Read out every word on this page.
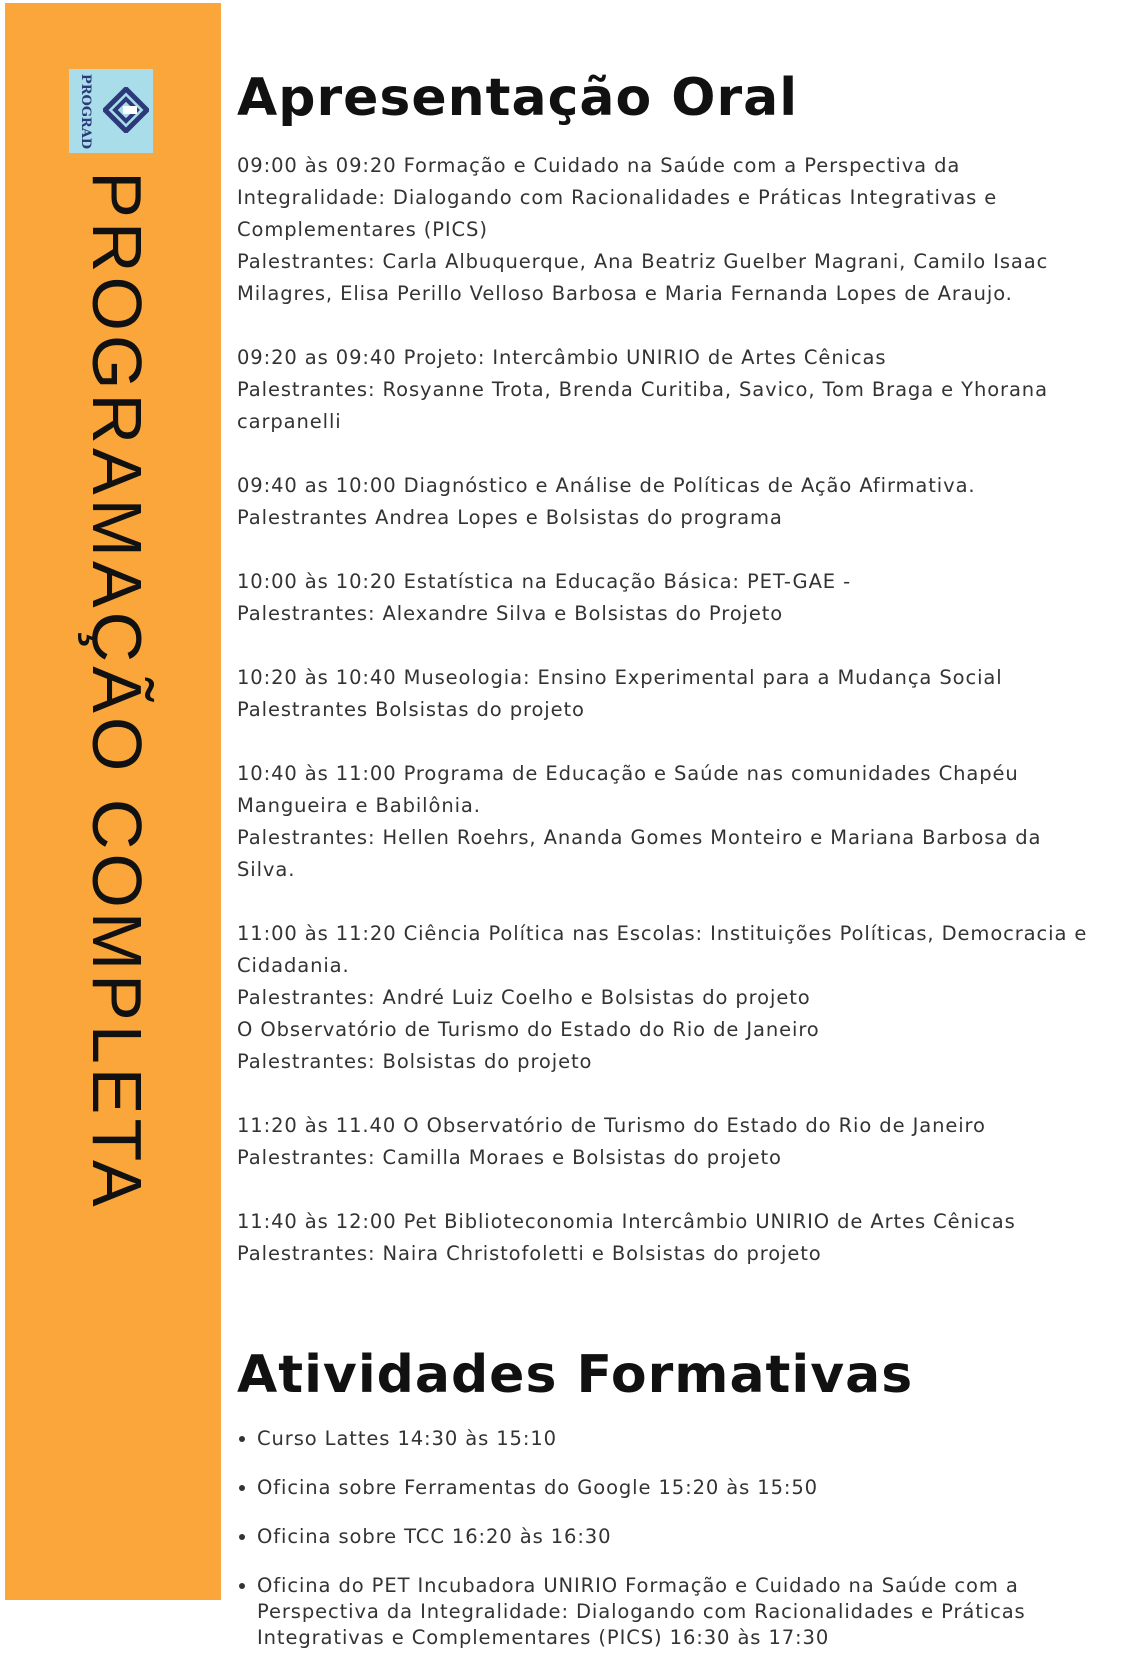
PROGRAD
PROGRAMAÇÃO COMPLETA
Apresentação Oral

09:00 às 09:20 Formação e Cuidado na Saúde com a Perspectiva da Integralidade: Dialogando com Racionalidades e Práticas Integrativas e Complementares (PICS)

Palestrantes: Carla Albuquerque, Ana Beatriz Guelber Magrani, Camilo Isaac Milagres, Elisa Perillo Velloso Barbosa e Maria Fernanda Lopes de Araujo.

09:20 as 09:40 Projeto: Intercâmbio UNIRIO de Artes Cênicas

Palestrantes: Rosyanne Trota, Brenda Curitiba, Savico, Tom Braga e Yhorana carpanelli

09:40 as 10:00 Diagnóstico e Análise de Políticas de Ação Afirmativa.

Palestrantes Andrea Lopes e Bolsistas do programa

10:00 às 10:20 Estatística na Educação Básica: PET-GAE -

Palestrantes: Alexandre Silva e Bolsistas do Projeto

10:20 às 10:40 Museologia: Ensino Experimental para a Mudança Social

Palestrantes Bolsistas do projeto

10:40 às 11:00 Programa de Educação e Saúde nas comunidades Chapéu Mangueira e Babilônia.

Palestrantes: Hellen Roehrs, Ananda Gomes Monteiro e Mariana Barbosa da Silva.

11:00 às 11:20 Ciência Política nas Escolas: Instituições Políticas, Democracia e Cidadania.

Palestrantes: André Luiz Coelho e Bolsistas do projeto

O Observatório de Turismo do Estado do Rio de Janeiro

Palestrantes: Bolsistas do projeto

11:20 às 11.40 O Observatório de Turismo do Estado do Rio de Janeiro

Palestrantes: Camilla Moraes e Bolsistas do projeto

11:40 às 12:00 Pet Biblioteconomia Intercâmbio UNIRIO de Artes Cênicas

Palestrantes: Naira Christofoletti e Bolsistas do projeto

Atividades Formativas
Curso Lattes 14:30 às 15:10
Oficina sobre Ferramentas do Google 15:20 às 15:50
Oficina sobre TCC 16:20 às 16:30
Oficina do PET Incubadora UNIRIO Formação e Cuidado na Saúde com a Perspectiva da Integralidade: Dialogando com Racionalidades e Práticas Integrativas e Complementares (PICS) 16:30 às 17:30
